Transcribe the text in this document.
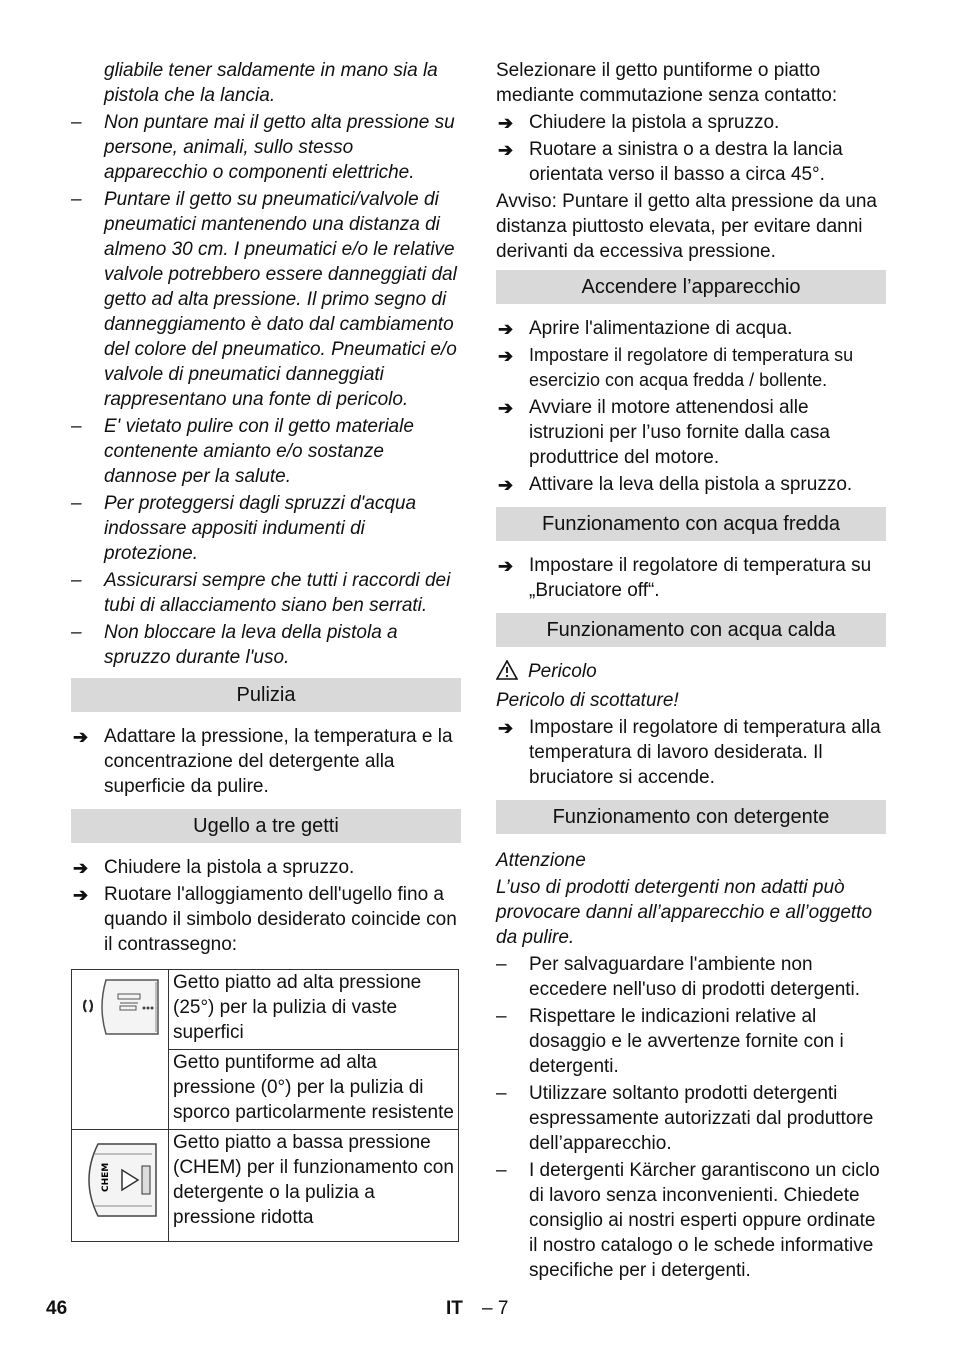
gliabile tener saldamente in mano sia la pistola che la lancia.

– Non puntare mai il getto alta pressione su persone, animali, sullo stesso apparecchio o componenti elettriche.
– Puntare il getto su pneumatici/valvole di pneumatici mantenendo una distanza di almeno 30 cm. I pneumatici e/o le relative valvole potrebbero essere danneggiati dal getto ad alta pressione. Il primo segno di danneggiamento è dato dal cambiamento del colore del pneumatico. Pneumatici e/o valvole di pneumatici danneggiati rappresentano una fonte di pericolo.
– E' vietato pulire con il getto materiale contenente amianto e/o sostanze dannose per la salute.
– Per proteggersi dagli spruzzi d'acqua indossare appositi indumenti di protezione.
– Assicurarsi sempre che tutti i raccordi dei tubi di allacciamento siano ben serrati.
– Non bloccare la leva della pistola a spruzzo durante l'uso.
Pulizia
➔ Adattare la pressione, la temperatura e la concentrazione del detergente alla superficie da pulire.
Ugello a tre getti
➔ Chiudere la pistola a spruzzo.
➔ Ruotare l'alloggiamento dell'ugello fino a quando il simbolo desiderato coincide con il contrassegno:
	Getto piatto ad alta pressione (25°) per la pulizia di vaste superfici
	Getto puntiforme ad alta pressione (0°) per la pulizia di sporco particolarmente resistente

CHEM	Getto piatto a bassa pressione (CHEM) per il funzionamento con detergente o la pulizia a pressione ridotta

Selezionare il getto puntiforme o piatto mediante commutazione senza contatto:

➔ Chiudere la pistola a spruzzo.
➔ Ruotare a sinistra o a destra la lancia orientata verso il basso a circa 45°.

Avviso: Puntare il getto alta pressione da una distanza piuttosto elevata, per evitare danni derivanti da eccessiva pressione.

Accendere l’apparecchio
➔ Aprire l'alimentazione di acqua.
➔ Impostare il regolatore di temperatura su esercizio con acqua fredda / bollente.
➔ Avviare il motore attenendosi alle istruzioni per l’uso fornite dalla casa produttrice del motore.
➔ Attivare la leva della pistola a spruzzo.
Funzionamento con acqua fredda
➔ Impostare il regolatore di temperatura su „Bruciatore off“.
Funzionamento con acqua calda
Pericolo

Pericolo di scottature!

➔ Impostare il regolatore di temperatura alla temperatura di lavoro desiderata. Il bruciatore si accende.
Funzionamento con detergente

Attenzione

L’uso di prodotti detergenti non adatti può provocare danni all’apparecchio e all’oggetto da pulire.

– Per salvaguardare l'ambiente non eccedere nell'uso di prodotti detergenti.
– Rispettare le indicazioni relative al dosaggio e le avvertenze fornite con i detergenti.
– Utilizzare soltanto prodotti detergenti espressamente autorizzati dal produttore dell’apparecchio.
– I detergenti Kärcher garantiscono un ciclo di lavoro senza inconvenienti. Chiedete consiglio ai nostri esperti oppure ordinate il nostro catalogo o le schede informative specifiche per i detergenti.
46	IT – 7
